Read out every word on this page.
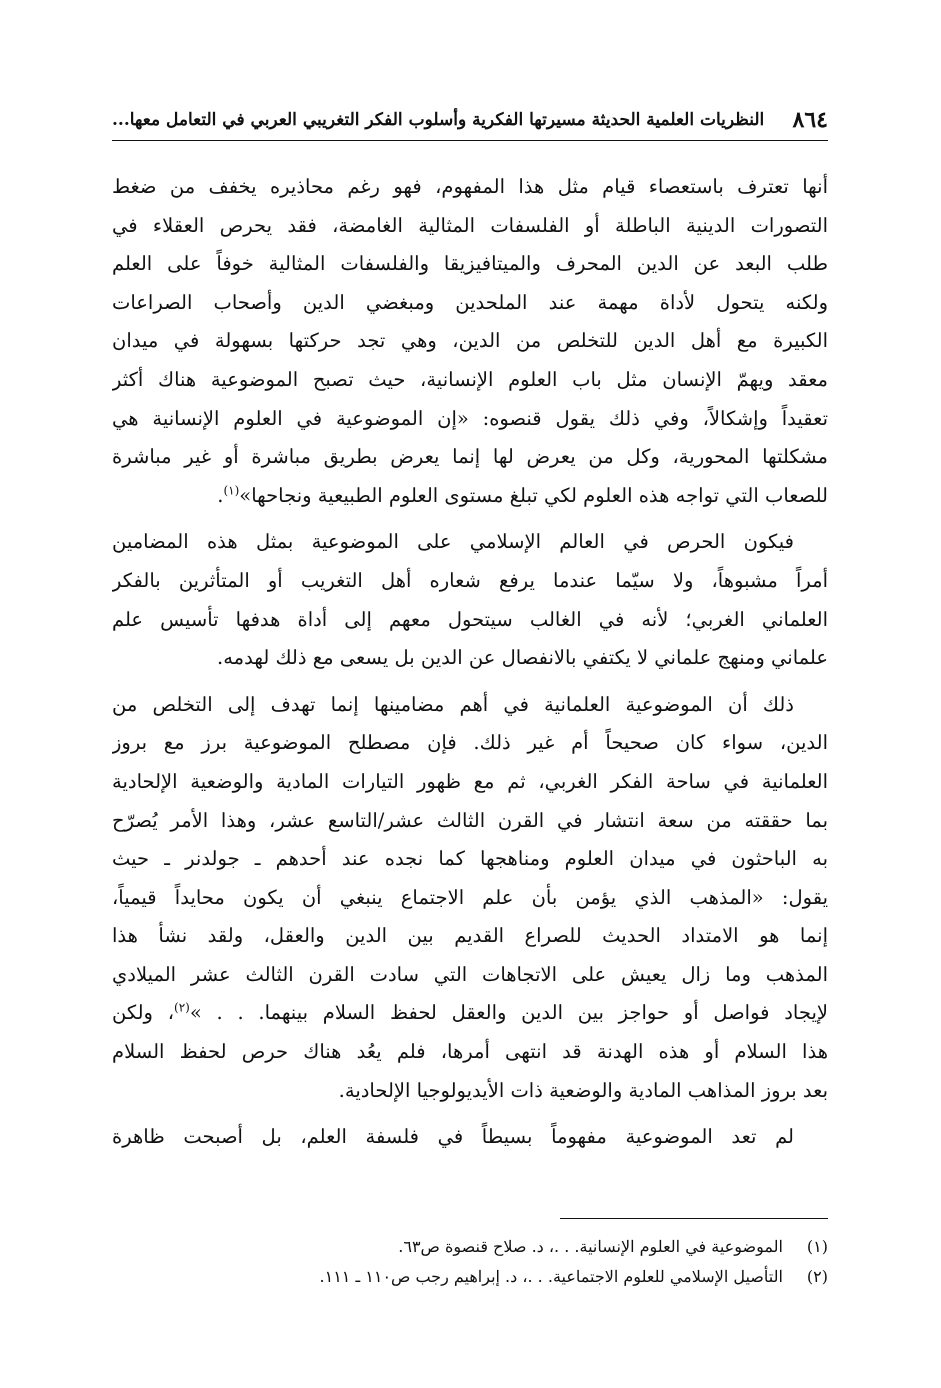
٨٦٤
النظريات العلمية الحديثة مسيرتها الفكرية وأسلوب الفكر التغريبي العربي في التعامل معها...
أنها تعترف باستعصاء قيام مثل هذا المفهوم، فهو رغم محاذيره يخفف من ضغط
التصورات الدينية الباطلة أو الفلسفات المثالية الغامضة، فقد يحرص العقلاء في
طلب البعد عن الدين المحرف والميتافيزيقا والفلسفات المثالية خوفاً على العلم
ولكنه يتحول لأداة مهمة عند الملحدين ومبغضي الدين وأصحاب الصراعات
الكبيرة مع أهل الدين للتخلص من الدين، وهي تجد حركتها بسهولة في ميدان
معقد ويهمّ الإنسان مثل باب العلوم الإنسانية، حيث تصبح الموضوعية هناك أكثر
تعقيداً وإشكالاً، وفي ذلك يقول قنصوه: «إن الموضوعية في العلوم الإنسانية هي
مشكلتها المحورية، وكل من يعرض لها إنما يعرض بطريق مباشرة أو غير مباشرة
للصعاب التي تواجه هذه العلوم لكي تبلغ مستوى العلوم الطبيعية ونجاحها»$^{(١)}$.
فيكون الحرص في العالم الإسلامي على الموضوعية بمثل هذه المضامين
أمراً مشبوهاً، ولا سيّما عندما يرفع شعاره أهل التغريب أو المتأثرين بالفكر
العلماني الغربي؛ لأنه في الغالب سيتحول معهم إلى أداة هدفها تأسيس علم
علماني ومنهج علماني لا يكتفي بالانفصال عن الدين بل يسعى مع ذلك لهدمه.
ذلك أن الموضوعية العلمانية في أهم مضامينها إنما تهدف إلى التخلص من
الدين، سواء كان صحيحاً أم غير ذلك. فإن مصطلح الموضوعية برز مع بروز
العلمانية في ساحة الفكر الغربي، ثم مع ظهور التيارات المادية والوضعية الإلحادية
بما حققته من سعة انتشار في القرن الثالث عشر/التاسع عشر، وهذا الأمر يُصرّح
به الباحثون في ميدان العلوم ومناهجها كما نجده عند أحدهم ـ جولدنر ـ حيث
يقول: «المذهب الذي يؤمن بأن علم الاجتماع ينبغي أن يكون محايداً قيمياً،
إنما هو الامتداد الحديث للصراع القديم بين الدين والعقل، ولقد نشأ هذا
المذهب وما زال يعيش على الاتجاهات التي سادت القرن الثالث عشر الميلادي
لإيجاد فواصل أو حواجز بين الدين والعقل لحفظ السلام بينهما. . . »$^{(٢)}$، ولكن
هذا السلام أو هذه الهدنة قد انتهى أمرها، فلم يعُد هناك حرص لحفظ السلام
بعد بروز المذاهب المادية والوضعية ذات الأيديولوجيا الإلحادية.
لم تعد الموضوعية مفهوماً بسيطاً في فلسفة العلم، بل أصبحت ظاهرة
(١) الموضوعية في العلوم الإنسانية. . .، د. صلاح قنصوة ص٦٣.
(٢) التأصيل الإسلامي للعلوم الاجتماعية. . .، د. إبراهيم رجب ص١١٠ ـ ١١١.
